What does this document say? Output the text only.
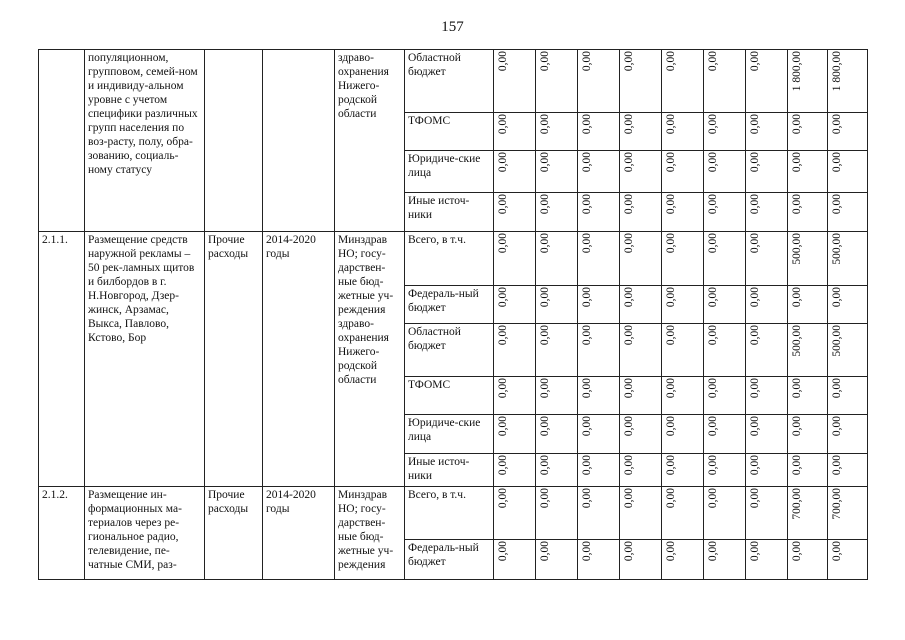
157
	популяционном, групповом, семей-ном и индивиду-альном уровне с учетом специфики различных групп населения по воз-расту, полу, обра-зованию, социаль-ному статусу			здраво-охранения Нижего-родской области	Областной бюджет	0,00	0,00	0,00	0,00	0,00	0,00	0,00	1 800,00	1 800,00

					ТФОМС	0,00	0,00	0,00	0,00	0,00	0,00	0,00	0,00	0,00

					Юридиче-ские лица	0,00	0,00	0,00	0,00	0,00	0,00	0,00	0,00	0,00

					Иные источ-ники	0,00	0,00	0,00	0,00	0,00	0,00	0,00	0,00	0,00

2.1.1.	Размещение средств наружной рекламы – 50 рек-ламных щитов и билбордов в г. Н.Новгород, Дзер-жинск, Арзамас, Выкса, Павлово, Кстово, Бор	Прочие расходы	2014-2020 годы	Минздрав НО; госу-дарствен-ные бюд-жетные уч-реждения здраво-охранения Нижего-родской области	Всего, в т.ч.	0,00	0,00	0,00	0,00	0,00	0,00	0,00	500,00	500,00

					Федераль-ный бюджет	0,00	0,00	0,00	0,00	0,00	0,00	0,00	0,00	0,00

					Областной бюджет	0,00	0,00	0,00	0,00	0,00	0,00	0,00	500,00	500,00

					ТФОМС	0,00	0,00	0,00	0,00	0,00	0,00	0,00	0,00	0,00

					Юридиче-ские лица	0,00	0,00	0,00	0,00	0,00	0,00	0,00	0,00	0,00

					Иные источ-ники	0,00	0,00	0,00	0,00	0,00	0,00	0,00	0,00	0,00

2.1.2.	Размещение ин-формационных ма-териалов через ре-гиональное радио, телевидение, пе-чатные СМИ, раз-	Прочие расходы	2014-2020 годы	Минздрав НО; госу-дарствен-ные бюд-жетные уч-реждения	Всего, в т.ч.	0,00	0,00	0,00	0,00	0,00	0,00	0,00	700,00	700,00

					Федераль-ный бюджет	0,00	0,00	0,00	0,00	0,00	0,00	0,00	0,00	0,00
